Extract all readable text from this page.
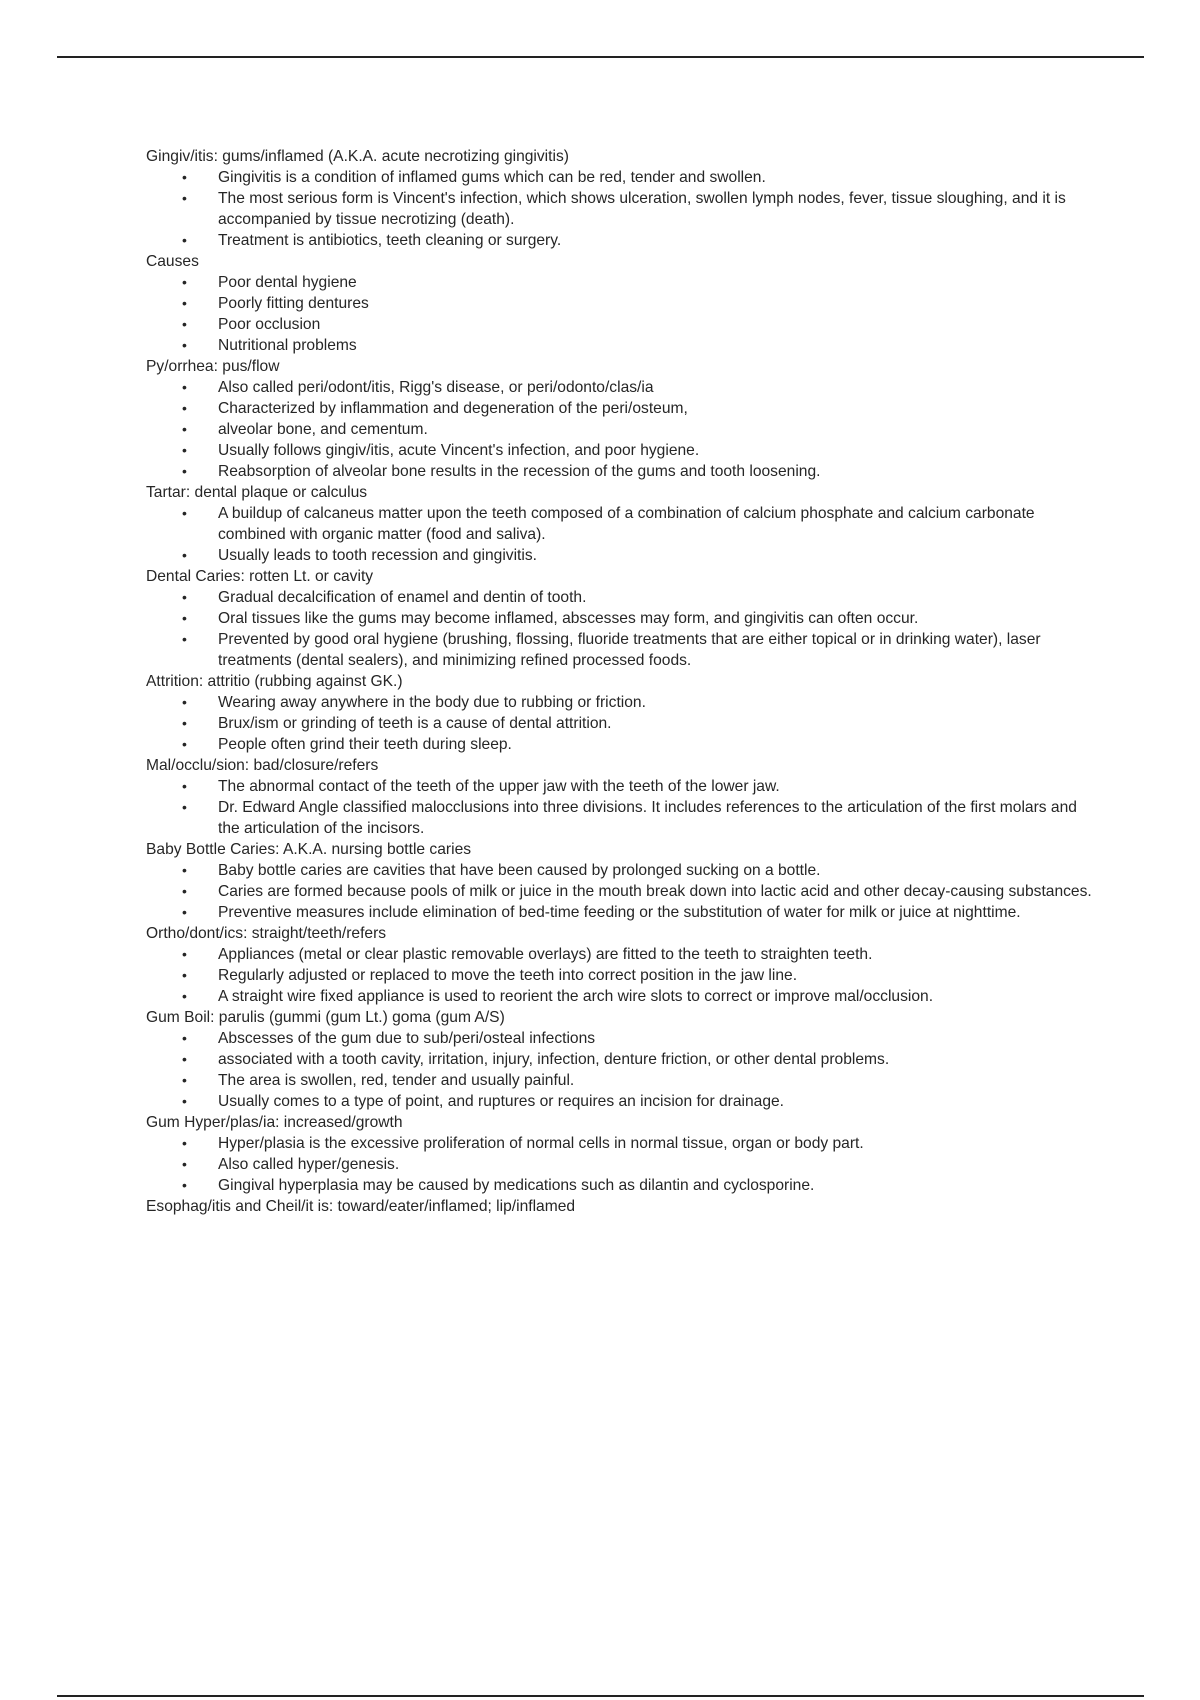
Gingiv/itis: gums/inflamed (A.K.A. acute necrotizing gingivitis)
• Gingivitis is a condition of inflamed gums which can be red, tender and swollen.
• The most serious form is Vincent's infection, which shows ulceration, swollen lymph nodes, fever, tissue sloughing, and it is accompanied by tissue necrotizing (death).
• Treatment is antibiotics, teeth cleaning or surgery.
Causes
• Poor dental hygiene
• Poorly fitting dentures
• Poor occlusion
• Nutritional problems
Py/orrhea: pus/flow
• Also called peri/odont/itis, Rigg's disease, or peri/odonto/clas/ia
• Characterized by inflammation and degeneration of the peri/osteum,
• alveolar bone, and cementum.
• Usually follows gingiv/itis, acute Vincent's infection, and poor hygiene.
• Reabsorption of alveolar bone results in the recession of the gums and tooth loosening.
Tartar: dental plaque or calculus
• A buildup of calcaneus matter upon the teeth composed of a combination of calcium phosphate and calcium carbonate combined with organic matter (food and saliva).
• Usually leads to tooth recession and gingivitis.
Dental Caries: rotten Lt. or cavity
• Gradual decalcification of enamel and dentin of tooth.
• Oral tissues like the gums may become inflamed, abscesses may form, and gingivitis can often occur.
• Prevented by good oral hygiene (brushing, flossing, fluoride treatments that are either topical or in drinking water), laser treatments (dental sealers), and minimizing refined processed foods.
Attrition: attritio (rubbing against GK.)
• Wearing away anywhere in the body due to rubbing or friction.
• Brux/ism or grinding of teeth is a cause of dental attrition.
• People often grind their teeth during sleep.
Mal/occlu/sion: bad/closure/refers
• The abnormal contact of the teeth of the upper jaw with the teeth of the lower jaw.
• Dr. Edward Angle classified malocclusions into three divisions. It includes references to the articulation of the first molars and the articulation of the incisors.
Baby Bottle Caries: A.K.A. nursing bottle caries
• Baby bottle caries are cavities that have been caused by prolonged sucking on a bottle.
• Caries are formed because pools of milk or juice in the mouth break down into lactic acid and other decay-causing substances.
• Preventive measures include elimination of bed-time feeding or the substitution of water for milk or juice at nighttime.
Ortho/dont/ics: straight/teeth/refers
• Appliances (metal or clear plastic removable overlays) are fitted to the teeth to straighten teeth.
• Regularly adjusted or replaced to move the teeth into correct position in the jaw line.
• A straight wire fixed appliance is used to reorient the arch wire slots to correct or improve mal/occlusion.
Gum Boil: parulis (gummi (gum Lt.) goma (gum A/S)
• Abscesses of the gum due to sub/peri/osteal infections
• associated with a tooth cavity, irritation, injury, infection, denture friction, or other dental problems.
• The area is swollen, red, tender and usually painful.
• Usually comes to a type of point, and ruptures or requires an incision for drainage.
Gum Hyper/plas/ia: increased/growth
• Hyper/plasia is the excessive proliferation of normal cells in normal tissue, organ or body part.
• Also called hyper/genesis.
• Gingival hyperplasia may be caused by medications such as dilantin and cyclosporine.
Esophag/itis and Cheil/it is: toward/eater/inflamed; lip/inflamed
